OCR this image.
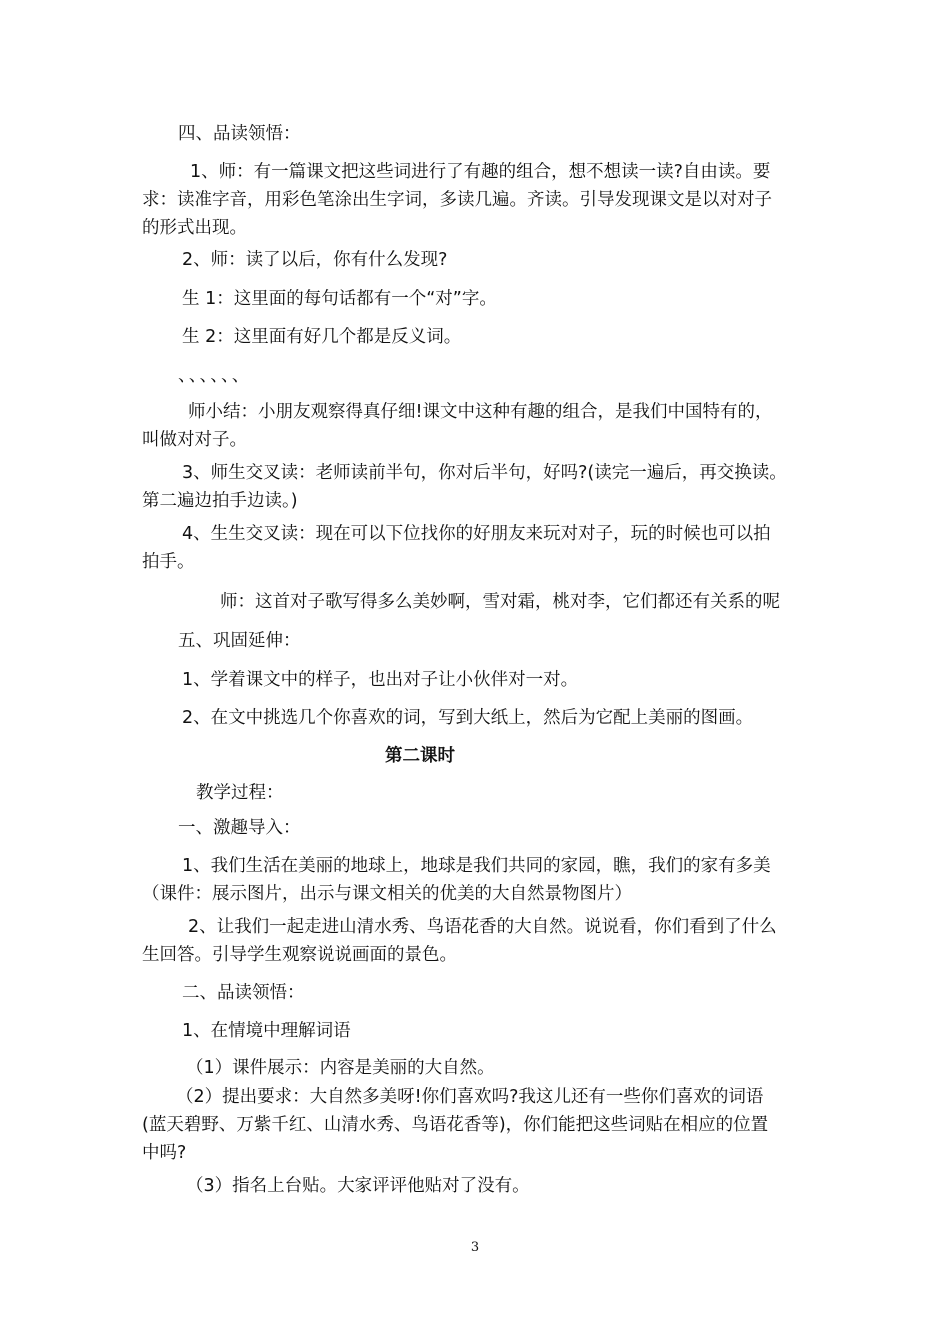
四、品读领悟：
1、师：有一篇课文把这些词进行了有趣的组合，想不想读一读?自由读。要
求：读准字音，用彩色笔涂出生字词，多读几遍。齐读。引导发现课文是以对对子
的形式出现。
2、师：读了以后，你有什么发现?
生 1：这里面的每句话都有一个“对”字。
生 2：这里面有好几个都是反义词。
、、、、、、
师小结：小朋友观察得真仔细!课文中这种有趣的组合，是我们中国特有的，
叫做对对子。
3、师生交叉读：老师读前半句，你对后半句，好吗?(读完一遍后，再交换读。
第二遍边拍手边读。)
4、生生交叉读：现在可以下位找你的好朋友来玩对对子，玩的时候也可以拍
拍手。
师：这首对子歌写得多么美妙啊，雪对霜，桃对李，它们都还有关系的呢
五、巩固延伸：
1、学着课文中的样子，也出对子让小伙伴对一对。
2、在文中挑选几个你喜欢的词，写到大纸上，然后为它配上美丽的图画。
第二课时
教学过程：
一、激趣导入：
1、我们生活在美丽的地球上，地球是我们共同的家园，瞧，我们的家有多美
（课件：展示图片，出示与课文相关的优美的大自然景物图片）
2、让我们一起走进山清水秀、鸟语花香的大自然。说说看，你们看到了什么
生回答。引导学生观察说说画面的景色。
二、品读领悟：
1、在情境中理解词语
（1）课件展示：内容是美丽的大自然。
（2）提出要求：大自然多美呀!你们喜欢吗?我这儿还有一些你们喜欢的词语
(蓝天碧野、万紫千红、山清水秀、鸟语花香等)，你们能把这些词贴在相应的位置
中吗?
（3）指名上台贴。大家评评他贴对了没有。
3
